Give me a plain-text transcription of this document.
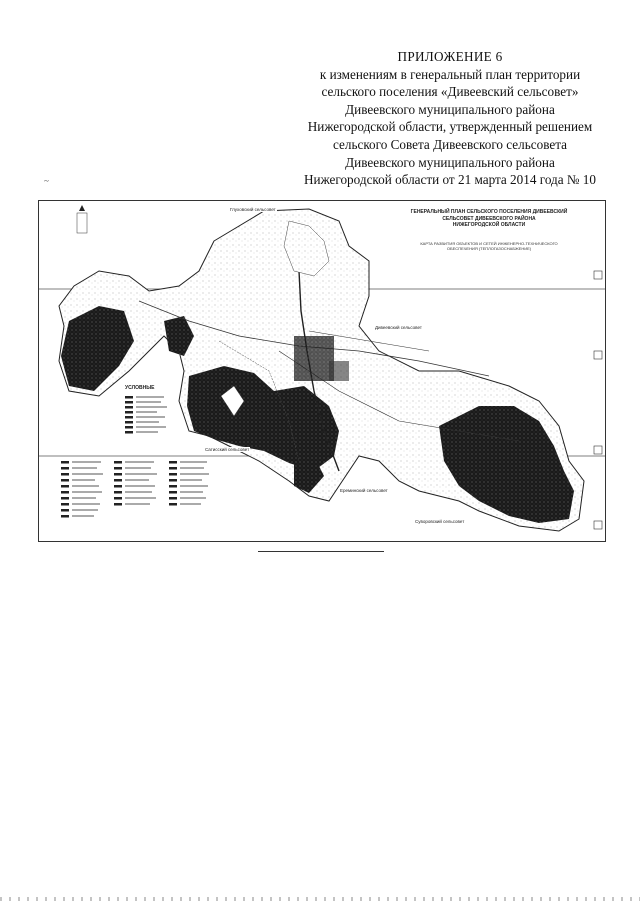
ПРИЛОЖЕНИЕ 6
к изменениям в генеральный план территории
сельского поселения «Дивеевский сельсовет»
Дивеевского муниципального района
Нижегородской области, утвержденный решением
сельского Совета Дивеевского сельсовета
Дивеевского муниципального района
Нижегородской области от 21 марта 2014 года № 10
~
ГЕНЕРАЛЬНЫЙ ПЛАН СЕЛЬСКОГО ПОСЕЛЕНИЯ ДИВЕЕВСКИЙ
СЕЛЬСОВЕТ ДИВЕЕВСКОГО РАЙОНА
НИЖЕГОРОДСКОЙ ОБЛАСТИ
КАРТА РАЗВИТИЯ ОБЪЕКТОВ И СЕТЕЙ ИНЖЕНЕРНО-ТЕХНИЧЕСКОГО
ОБЕСПЕЧЕНИЯ (ТЕПЛОГАЗОСНАБЖЕНИЕ)
УСЛОВНЫЕ
Глуховский сельсовет
Дивеевский сельсовет
Сатисский сельсовет
Ереминский сельсовет
Суворовский сельсовет
